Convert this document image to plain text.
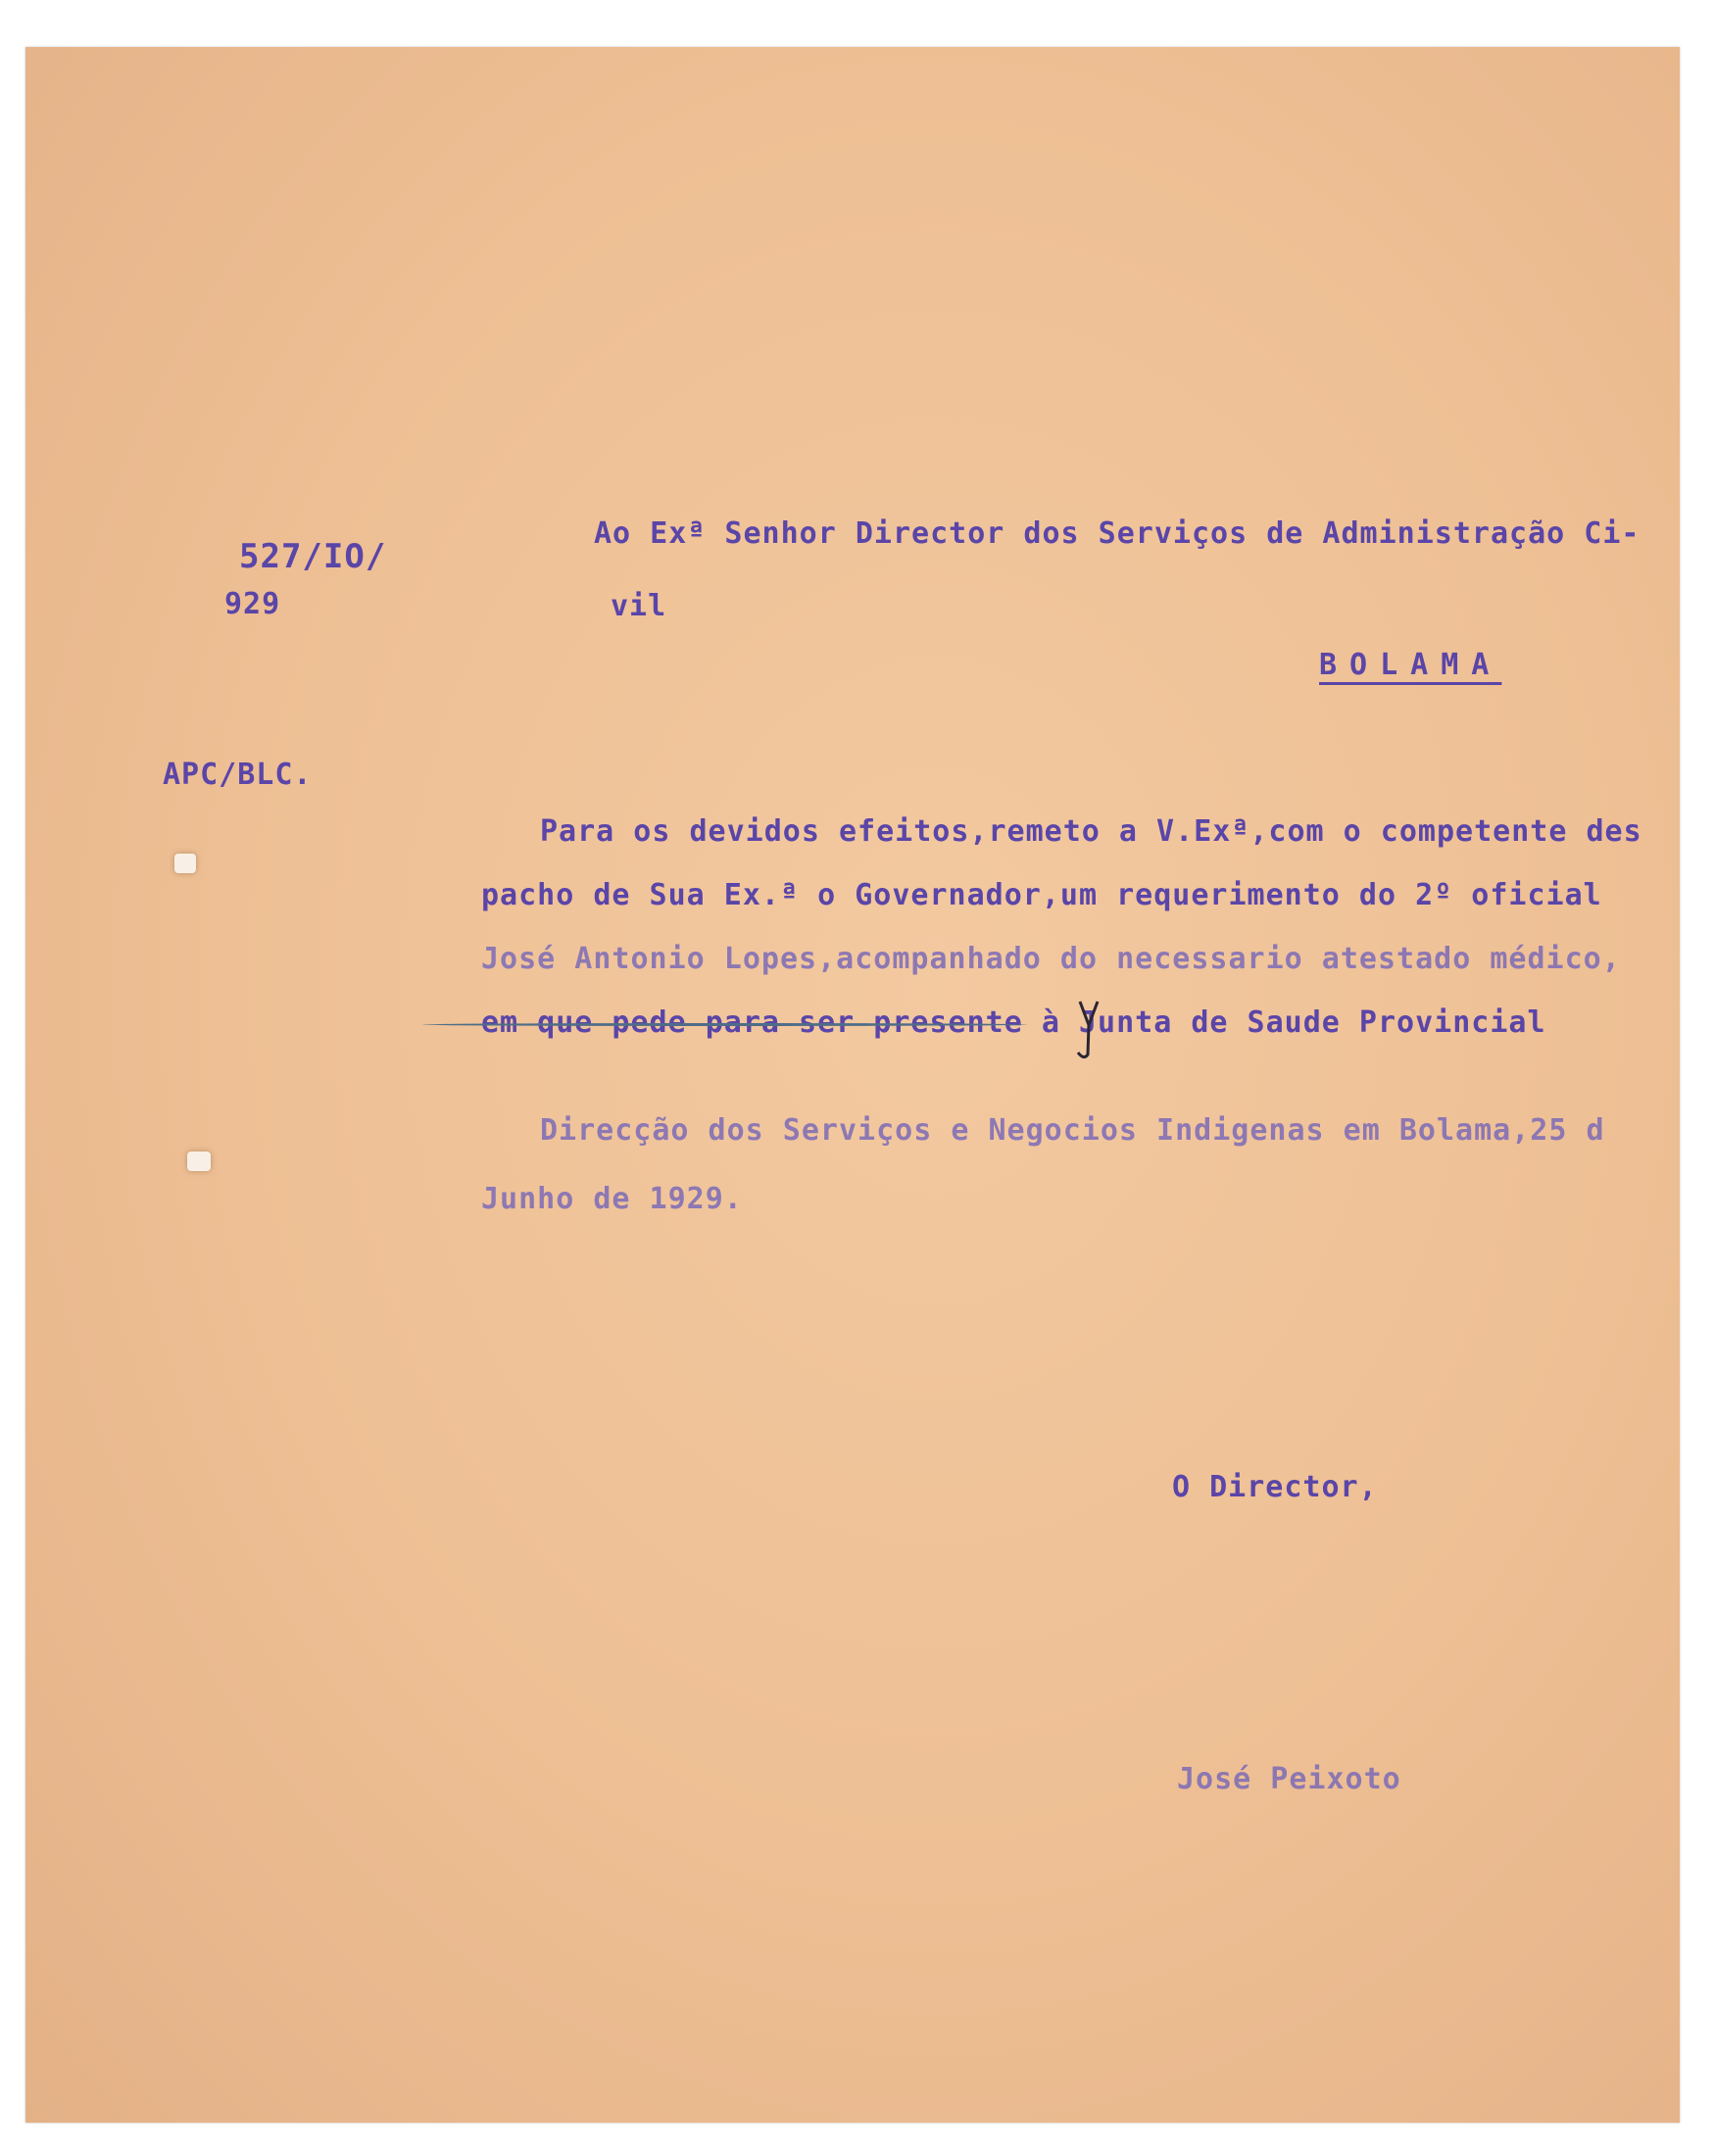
527/IO/
929
APC/BLC.
Ao Exª Senhor Director dos Serviços de Administração Ci-
vil
BOLAMA
Para os devidos efeitos,remeto a V.Exª,com o competente des
pacho de Sua Ex.ª o Governador,um requerimento do 2º oficial
José Antonio Lopes,acompanhado do necessario atestado médico,
em que pede para ser presente à Junta de Saude Provincial
Direcção dos Serviços e Negocios Indigenas em Bolama,25 d
Junho de 1929.
O Director,
José Peixoto
